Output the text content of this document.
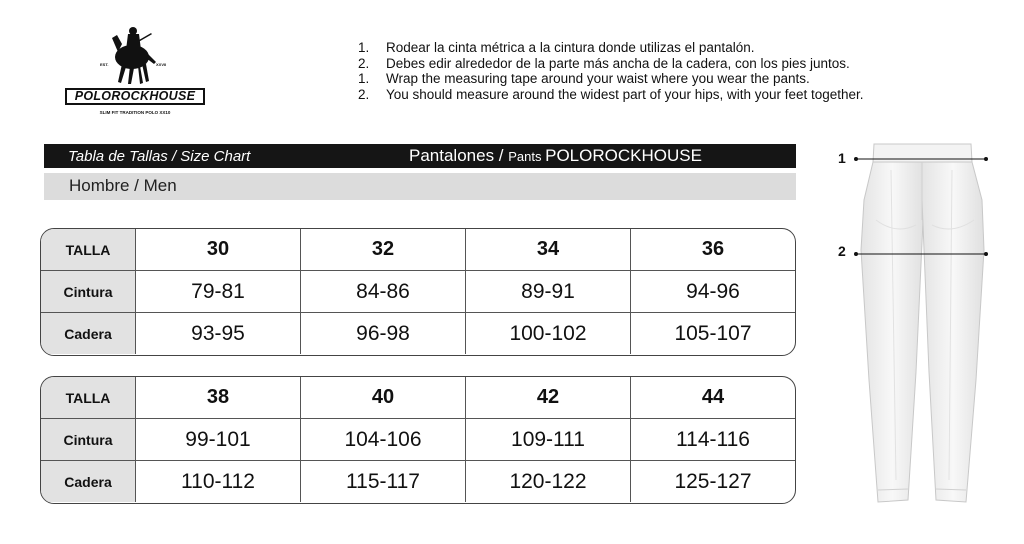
EST.	XXVII
POLOROCKHOUSE
SLIM FIT TRADITION POLO XX10
1. Rodear la cinta métrica a la cintura donde utilizas el pantalón.
2. Debes edir alrededor de la parte más ancha de la cadera, con los pies juntos.
1. Wrap the measuring tape around your waist where you wear the pants.
2. You should measure around the widest part of your hips, with your feet together.
Tabla de Tallas / Size Chart	Pantalones / Pants POLOROCKHOUSE
Hombre / Men
TALLA	30	32	34	36
Cintura	79-81	84-86	89-91	94-96
Cadera	93-95	96-98	100-102	105-107
TALLA	38	40	42	44
Cintura	99-101	104-106	109-111	114-116
Cadera	110-112	115-117	120-122	125-127
1
2
